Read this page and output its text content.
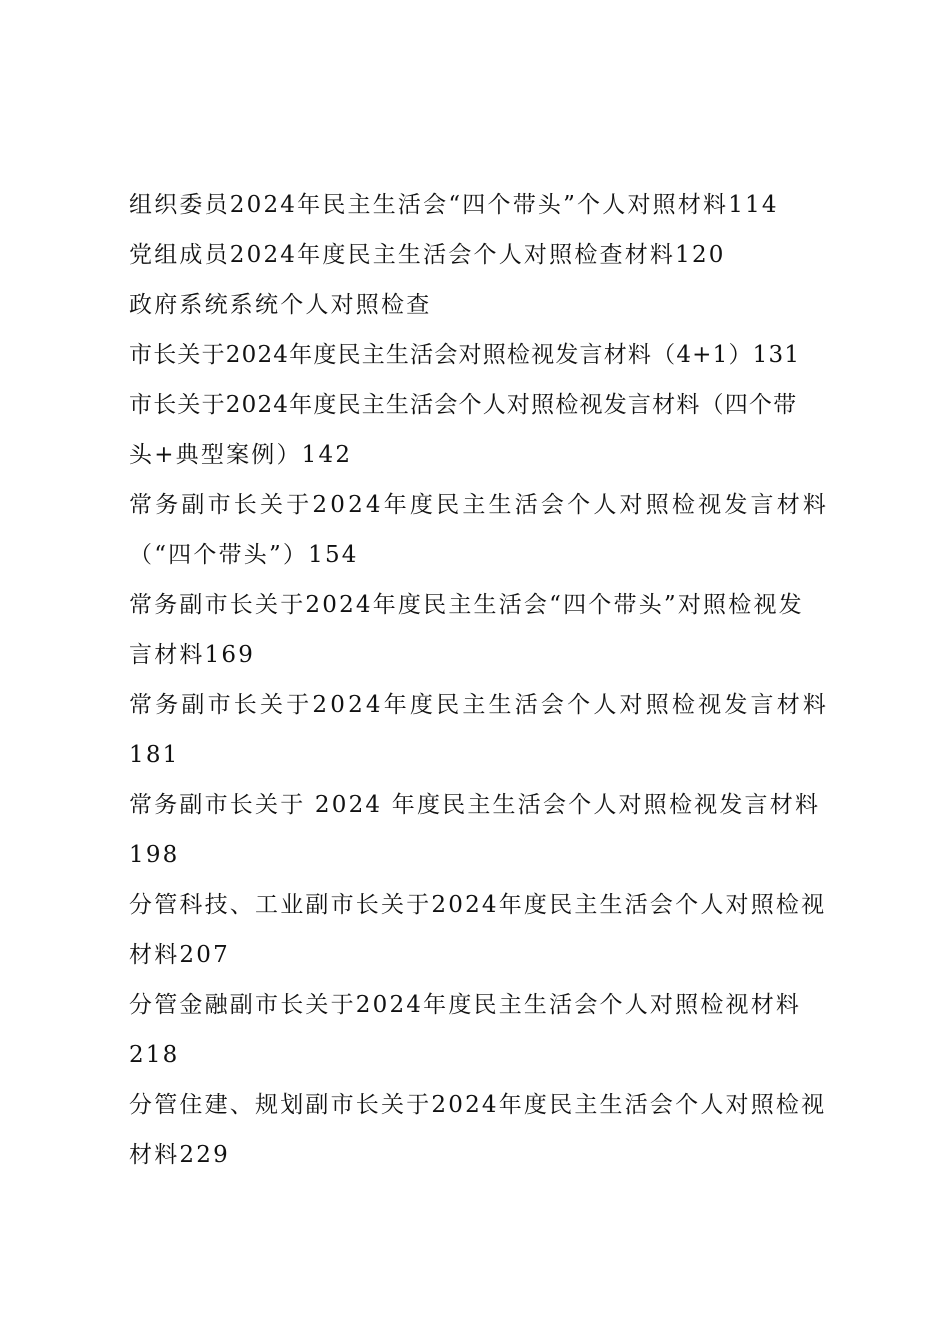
组织委员2024年民主生活会“四个带头”个人对照材料114
党组成员2024年度民主生活会个人对照检查材料120
政府系统系统个人对照检查
市长关于2024年度民主生活会对照检视发言材料（4+1）131
市长关于2024年度民主生活会个人对照检视发言材料（四个带
头+典型案例）142
常务副市长关于2024年度民主生活会个人对照检视发言材料
（“四个带头”）154
常务副市长关于2024年度民主生活会“四个带头”对照检视发
言材料169
常务副市长关于2024年度民主生活会个人对照检视发言材料
181
常务副市长关于 2024 年度民主生活会个人对照检视发言材料
198
分管科技、工业副市长关于2024年度民主生活会个人对照检视
材料207
分管金融副市长关于2024年度民主生活会个人对照检视材料
218
分管住建、规划副市长关于2024年度民主生活会个人对照检视
材料229
